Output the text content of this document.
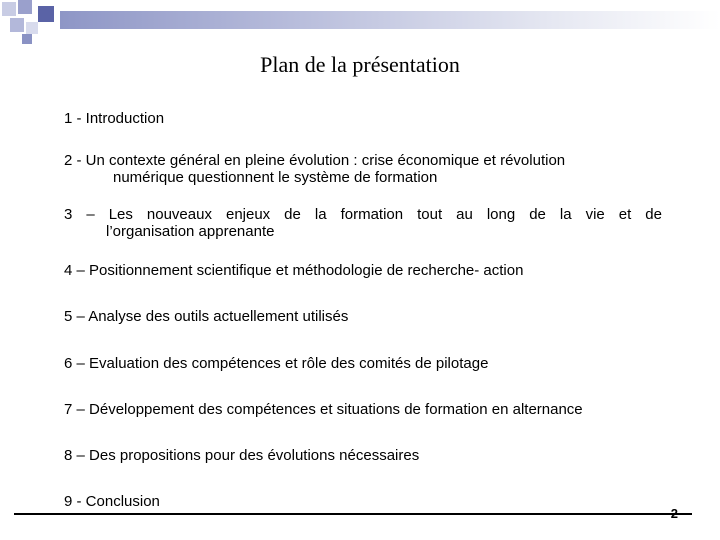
Plan de la présentation
1 - Introduction
2 - Un contexte général en pleine évolution : crise économique et révolution
numérique questionnent le système de formation
3 – Les nouveaux enjeux de la formation tout au long de la vie et de
l’organisation apprenante
4 – Positionnement scientifique et méthodologie de recherche- action
5 – Analyse des outils actuellement utilisés
6 – Evaluation des compétences et rôle des comités de pilotage
7 – Développement des compétences et situations de formation en alternance
8 – Des propositions pour des évolutions nécessaires
9 - Conclusion
2
